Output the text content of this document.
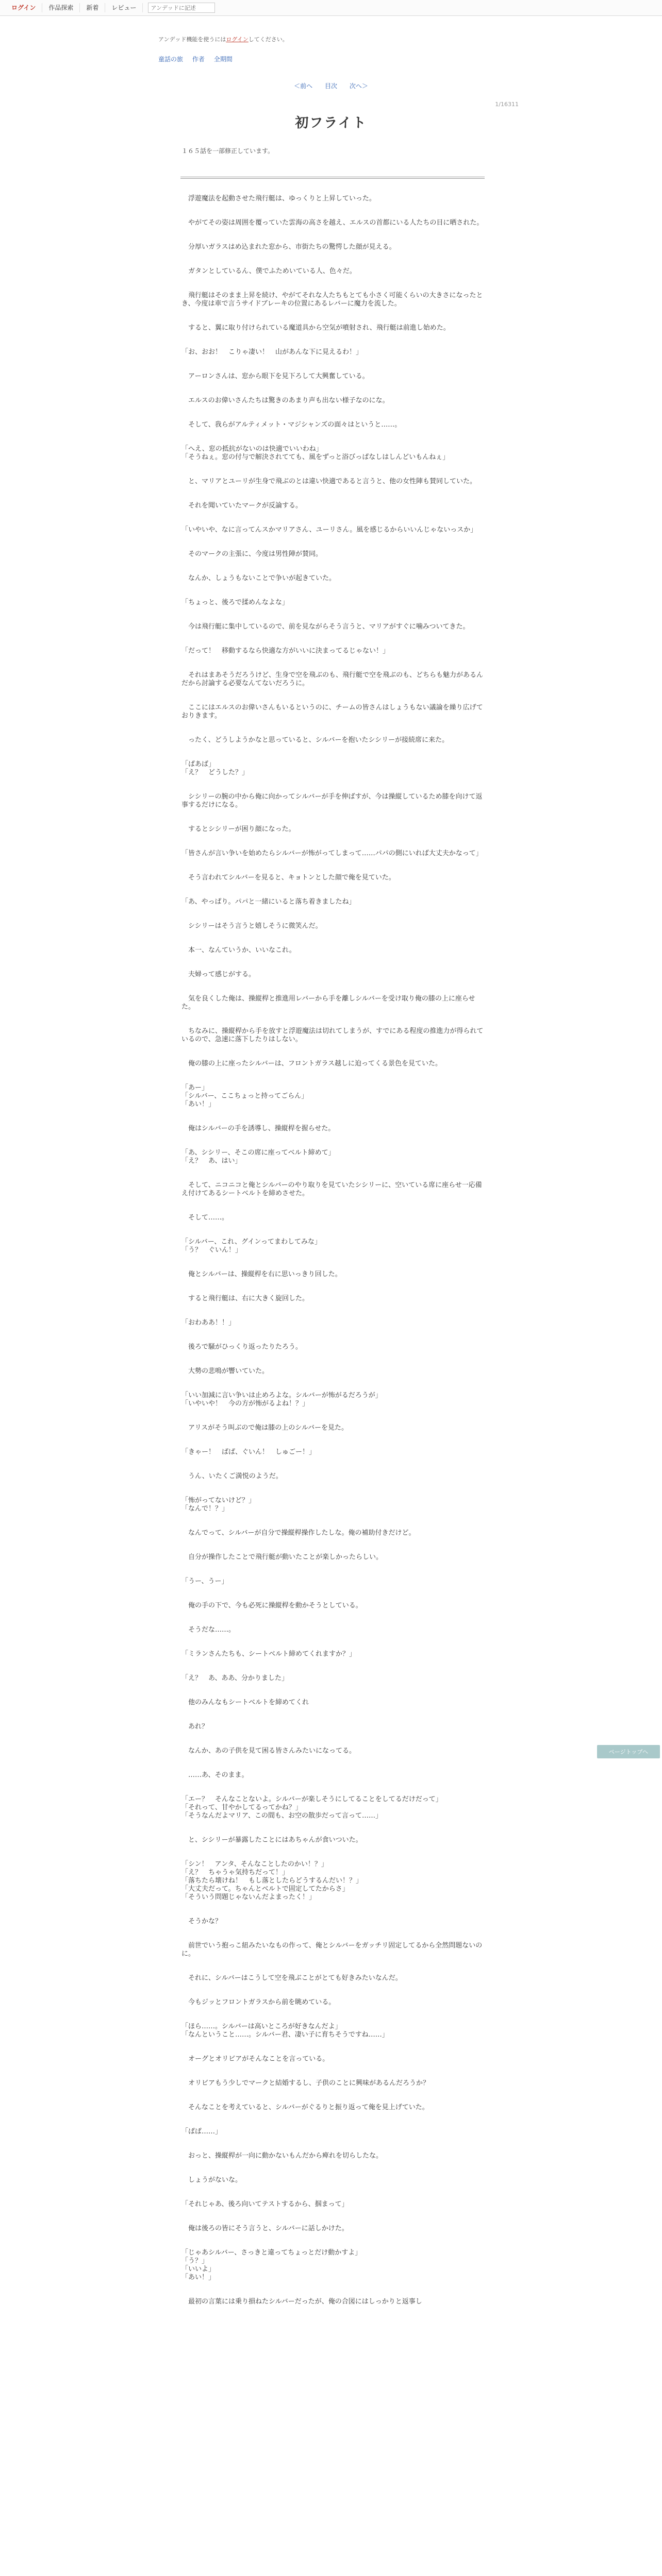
ログイン	作品探索	新着	レビュー
アンデッドに記述
アンデッド機能を使うにはログインしてください。
童話の旅 作者 全期間
＜前へ 目次 次へ＞
1/16311
初フライト
１６５話を一部修正しています。

　浮遊魔法を起動させた飛行艇は、ゆっくりと上昇していった。

　やがてその姿は周囲を覆っていた雲海の高さを越え、エルスの首都にいる人たちの目に晒された。

　分厚いガラスはめ込まれた窓から、市街たちの驚愕した顔が見える。

　ガタンとしているん、僕でふためいている人、色々だ。

　飛行艇はそのまま上昇を続け、やがてそれな人たちもとても小さく可能くらいの大きさになったとき、今度は車で言うサイドブレーキの位置にあるレバーに魔力を流した。

　すると、翼に取り付けられている魔道具から空気が噴射され、飛行艇は前進し始めた。

「お、おお！　こりゃ凄い！　山があんな下に見えるわ！」

　アーロンさんは、窓から眼下を見下ろして大興奮している。

　エルスのお偉いさんたちは驚きのあまり声も出ない様子なのにな。

　そして、我らがアルティメット・マジシャンズの面々はというと……。

「へえ、窓の抵抗がないのは快適でいいわね」
「そうねぇ。窓の付与で解決されてても、風をずっと浴びっぱなしはしんどいもんねぇ」

　と、マリアとユーリが生身で飛ぶのとは違い快適であると言うと、他の女性陣も賛同していた。

　それを聞いていたマークが反論する。

「いやいや、なに言ってんスかマリアさん、ユーリさん。風を感じるからいいんじゃないっスか」

　そのマークの主張に、今度は男性陣が賛同。

　なんか、しょうもないことで争いが起きていた。

「ちょっと、後ろで揉めんなよな」

　今は飛行艇に集中しているので、前を見ながらそう言うと、マリアがすぐに噛みついてきた。

「だって！　移動するなら快適な方がいいに決まってるじゃない！」

　それはまあそうだろうけど、生身で空を飛ぶのも、飛行艇で空を飛ぶのも、どちらも魅力があるんだから討論する必要なんてないだろうに。

　ここにはエルスのお偉いさんもいるというのに、チームの皆さんはしょうもない議論を繰り広げておりきます。

　ったく、どうしようかなと思っていると、シルバーを抱いたシシリーが接続席に来た。

「ぱあば」
「え？　どうした？」

　シシリーの腕の中から俺に向かってシルバーが手を伸ばすが、今は操縦しているため膝を向けて返事するだけになる。

　するとシシリーが困り顔になった。

「皆さんが言い争いを始めたらシルバーが怖がってしまって……パパの側にいれば大丈夫かなって」

　そう言われてシルバーを見ると、キョトンとした顔で俺を見ていた。

「あ、やっぱり。パパと一緒にいると落ち着きましたね」

　シシリーはそう言うと嬉しそうに微笑んだ。

　本一、なんていうか、いいなこれ。

　夫婦って感じがする。

　気を良くした俺は、操縦桿と推進用レバーから手を離しシルバーを受け取り俺の膝の上に座らせた。

　ちなみに、操縦桿から手を放すと浮遊魔法は切れてしまうが、すでにある程度の推進力が得られているので、急速に落下したりはしない。

　俺の膝の上に座ったシルバーは、フロントガラス越しに迫ってくる景色を見ていた。

「あー」
「シルバー、ここちょっと持ってごらん」
「あい！」

　俺はシルバーの手を誘導し、操縦桿を握らせた。

「あ、シシリー、そこの席に座ってベルト締めて」
「え？　あ、はい」

　そして、ニコニコと俺とシルバーのやり取りを見ていたシシリーに、空いている席に座らせ一応備え付けてあるシートベルトを締めさせた。

　そして……。

「シルバー、これ、グインってまわしてみな」
「う？　ぐいん！」

　俺とシルバーは、操縦桿を右に思いっきり回した。

　すると飛行艇は、右に大きく旋回した。

「おわああ！！」

　後ろで騒がひっくり返ったりたろう。

　大勢の悲鳴が響いていた。

「いい加減に言い争いは止めろよな。シルバーが怖がるだろうが」
「いやいや！　今の方が怖がるよね！？」

　アリスがそう叫ぶので俺は膝の上のシルバーを見た。

「きゃー！　ぱぱ、ぐいん！　しゅごー！」

　うん、いたくご満悦のようだ。

「怖がってないけど？」
「なんで！？」

　なんでって、シルバーが自分で操縦桿操作したしな。俺の補助付きだけど。

　自分が操作したことで飛行艇が動いたことが楽しかったらしい。

「うー、うー」

　俺の手の下で、今も必死に操縦桿を動かそうとしている。

　そうだな……。

「ミランさんたちも、シートベルト締めてくれますか？」

「え？　あ、ああ、分かりました」

　他のみんなもシートベルトを締めてくれ

　あれ？

　なんか、あの子供を見て困る皆さんみたいになってる。

　……あ、そのまま。

「エー？　そんなことないよ。シルバーが楽しそうにしてることをしてるだけだって」
「それって、甘やかしてるってかね？」
「そうなんだよマリア、この間も、お空の散歩だって言って……」

　と、シシリーが暴露したことにはあちゃんが食いついた。

「シン！　アンタ、そんなことしたのかい！？」
「え？　ちゃうゃ気持ちだって！」
「落ちたら壊けね！　もし落としたらどうするんだい！？」
「大丈夫だって。ちゃんとベルトで固定してたからさ」
「そういう問題じゃないんだよまったく！」

　そうかな？

　前世でいう抱っこ紐みたいなもの作って、俺とシルバーをガッチリ固定してるから全然問題ないのに。

　それに、シルバーはこうして空を飛ぶことがとても好きみたいなんだ。

　今もジッとフロントガラスから前を眺めている。

「ほら……。シルバーは高いところが好きなんだよ」
「なんということ……。シルバー君、凄い子に育ちそうですね……」

　オーグとオリビアがそんなことを言っている。

　オリビアもう少しでマークと結婚するし、子供のことに興味があるんだろうか？

　そんなことを考えていると、シルバーがぐるりと振り返って俺を見上げていた。

「ぱぱ……」

　おっと、操縦桿が一向に動かないもんだから痺れを切らしたな。

　しょうがないな。

「それじゃあ、後ろ向いてテストするから、掴まって」

　俺は後ろの皆にそう言うと、シルバーに話しかけた。

「じゃあシルバー、さっきと違ってちょっとだけ動かすよ」
「う？」
「いいよ」
「あい！」

　最初の言葉には乗り損ねたシルバーだったが、俺の合図にはしっかりと返事し

ページトップへ
